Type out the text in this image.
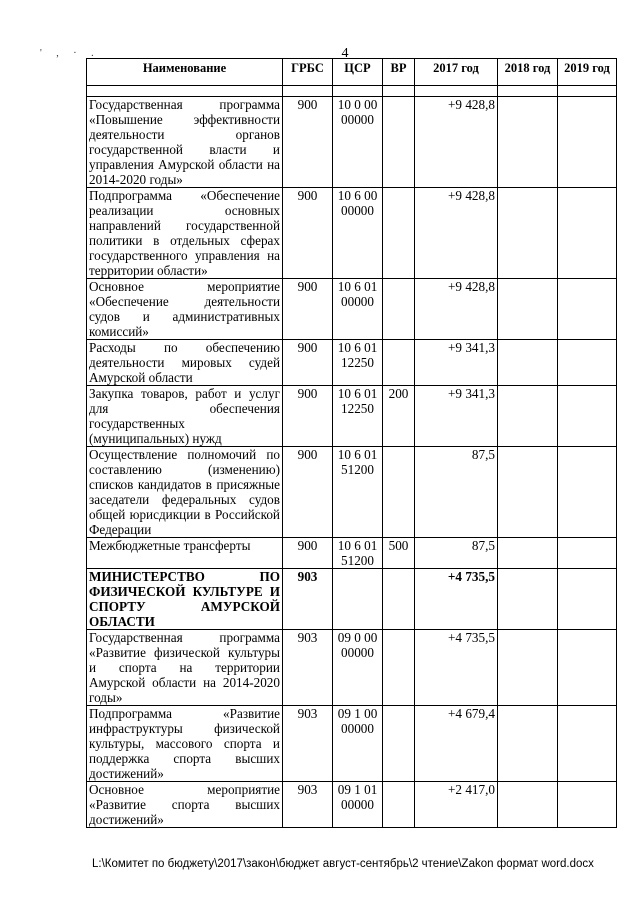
' , · .	4
Наименование	ГРБС	ЦСР	ВР	2017 год	2018 год	2019 год

Государственная программа «Повышение эффективности деятельности органов государственной власти и управления Амурской области на 2014-2020 годы»	900	10 0 00 00000		+9 428,8		
Подпрограмма «Обеспечение реализации основных направлений государственной политики в отдельных сферах государственного управления на территории области»	900	10 6 00 00000		+9 428,8		
Основное мероприятие «Обеспечение деятельности судов и административных комиссий»	900	10 6 01 00000		+9 428,8		
Расходы по обеспечению деятельности мировых судей Амурской области	900	10 6 01 12250		+9 341,3		
Закупка товаров, работ и услуг для обеспечения государственных (муниципальных) нужд	900	10 6 01 12250	200	+9 341,3		
Осуществление полномочий по составлению (изменению) списков кандидатов в присяжные заседатели федеральных судов общей юрисдикции в Российской Федерации	900	10 6 01 51200		87,5		
Межбюджетные трансферты	900	10 6 01 51200	500	87,5		
МИНИСТЕРСТВО ПО ФИЗИЧЕСКОЙ КУЛЬТУРЕ И СПОРТУ АМУРСКОЙ ОБЛАСТИ	903			+4 735,5		
Государственная программа «Развитие физической культуры и спорта на территории Амурской области на 2014-2020 годы»	903	09 0 00 00000		+4 735,5		
Подпрограмма «Развитие инфраструктуры физической культуры, массового спорта и поддержка спорта высших достижений»	903	09 1 00 00000		+4 679,4		
Основное мероприятие «Развитие спорта высших достижений»	903	09 1 01 00000		+2 417,0		
L:\Комитет по бюджету\2017\закон\бюджет август-сентябрь\2 чтение\Zakon формат word.docx
